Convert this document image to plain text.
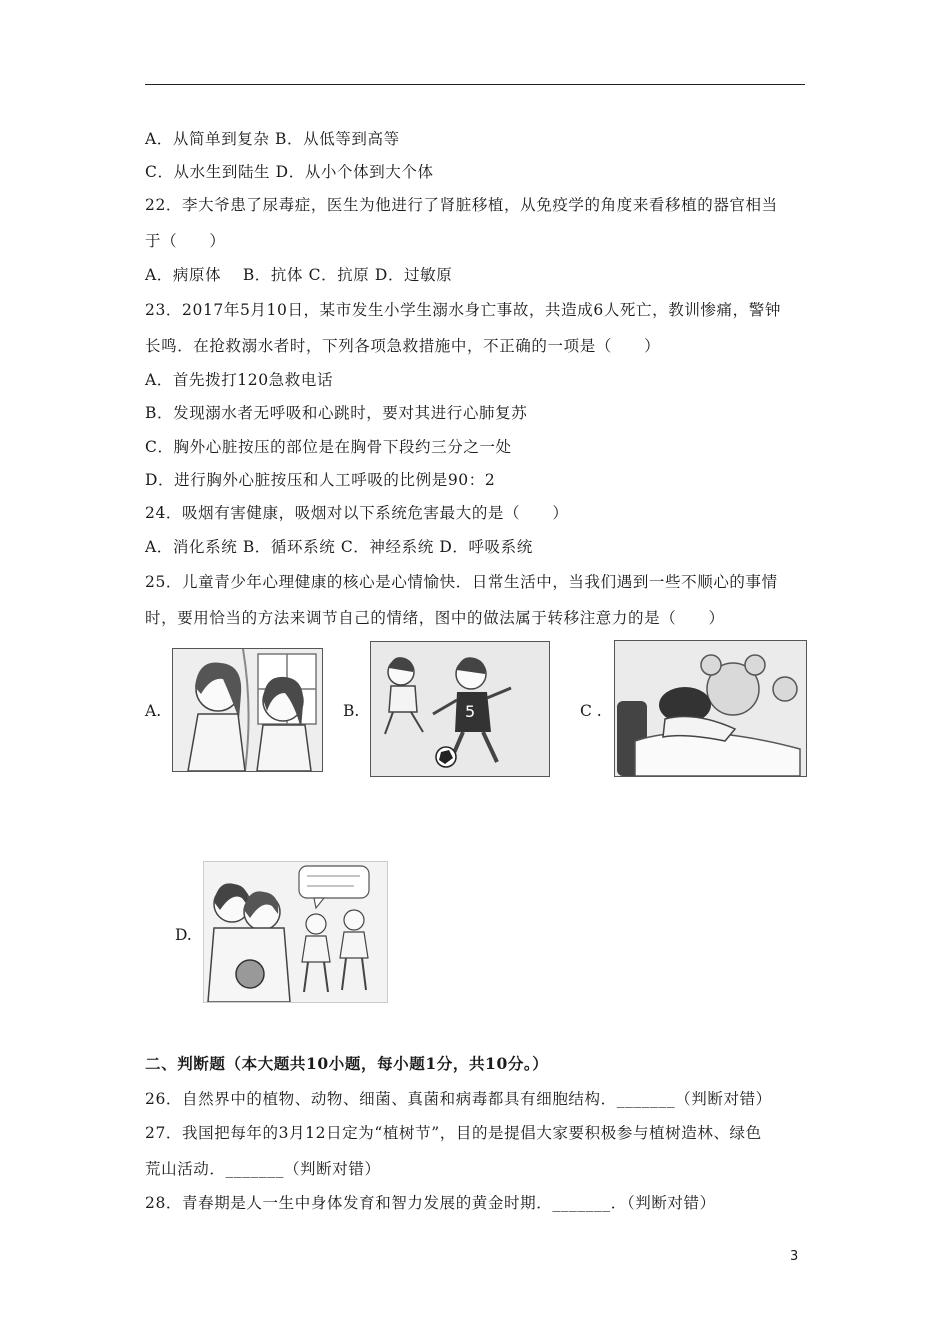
A．从简单到复杂 B．从低等到高等
C．从水生到陆生 D．从小个体到大个体
22．李大爷患了尿毒症，医生为他进行了肾脏移植，从免疫学的角度来看移植的器官相当
于（　　）
A．病原体　 B．抗体 C．抗原 D．过敏原
23．2017年5月10日，某市发生小学生溺水身亡事故，共造成6人死亡，教训惨痛，警钟
长鸣．在抢救溺水者时，下列各项急救措施中，不正确的一项是（　　）
A．首先拨打120急救电话
B．发现溺水者无呼吸和心跳时，要对其进行心肺复苏
C．胸外心脏按压的部位是在胸骨下段约三分之一处
D．进行胸外心脏按压和人工呼吸的比例是90：2
24．吸烟有害健康，吸烟对以下系统危害最大的是（　　）
A．消化系统 B．循环系统 C．神经系统 D．呼吸系统
25．儿童青少年心理健康的核心是心情愉快．日常生活中，当我们遇到一些不顺心的事情
时，要用恰当的方法来调节自己的情绪，图中的做法属于转移注意力的是（　　）
A.	B.	5	C .
D.
二、判断题（本大题共10小题，每小题1分，共10分。）
26．自然界中的植物、动物、细菌、真菌和病毒都具有细胞结构．_______（判断对错）
27．我国把每年的3月12日定为“植树节”，目的是提倡大家要积极参与植树造林、绿色
荒山活动．_______（判断对错）
28．青春期是人一生中身体发育和智力发展的黄金时期．_______．（判断对错）
3
